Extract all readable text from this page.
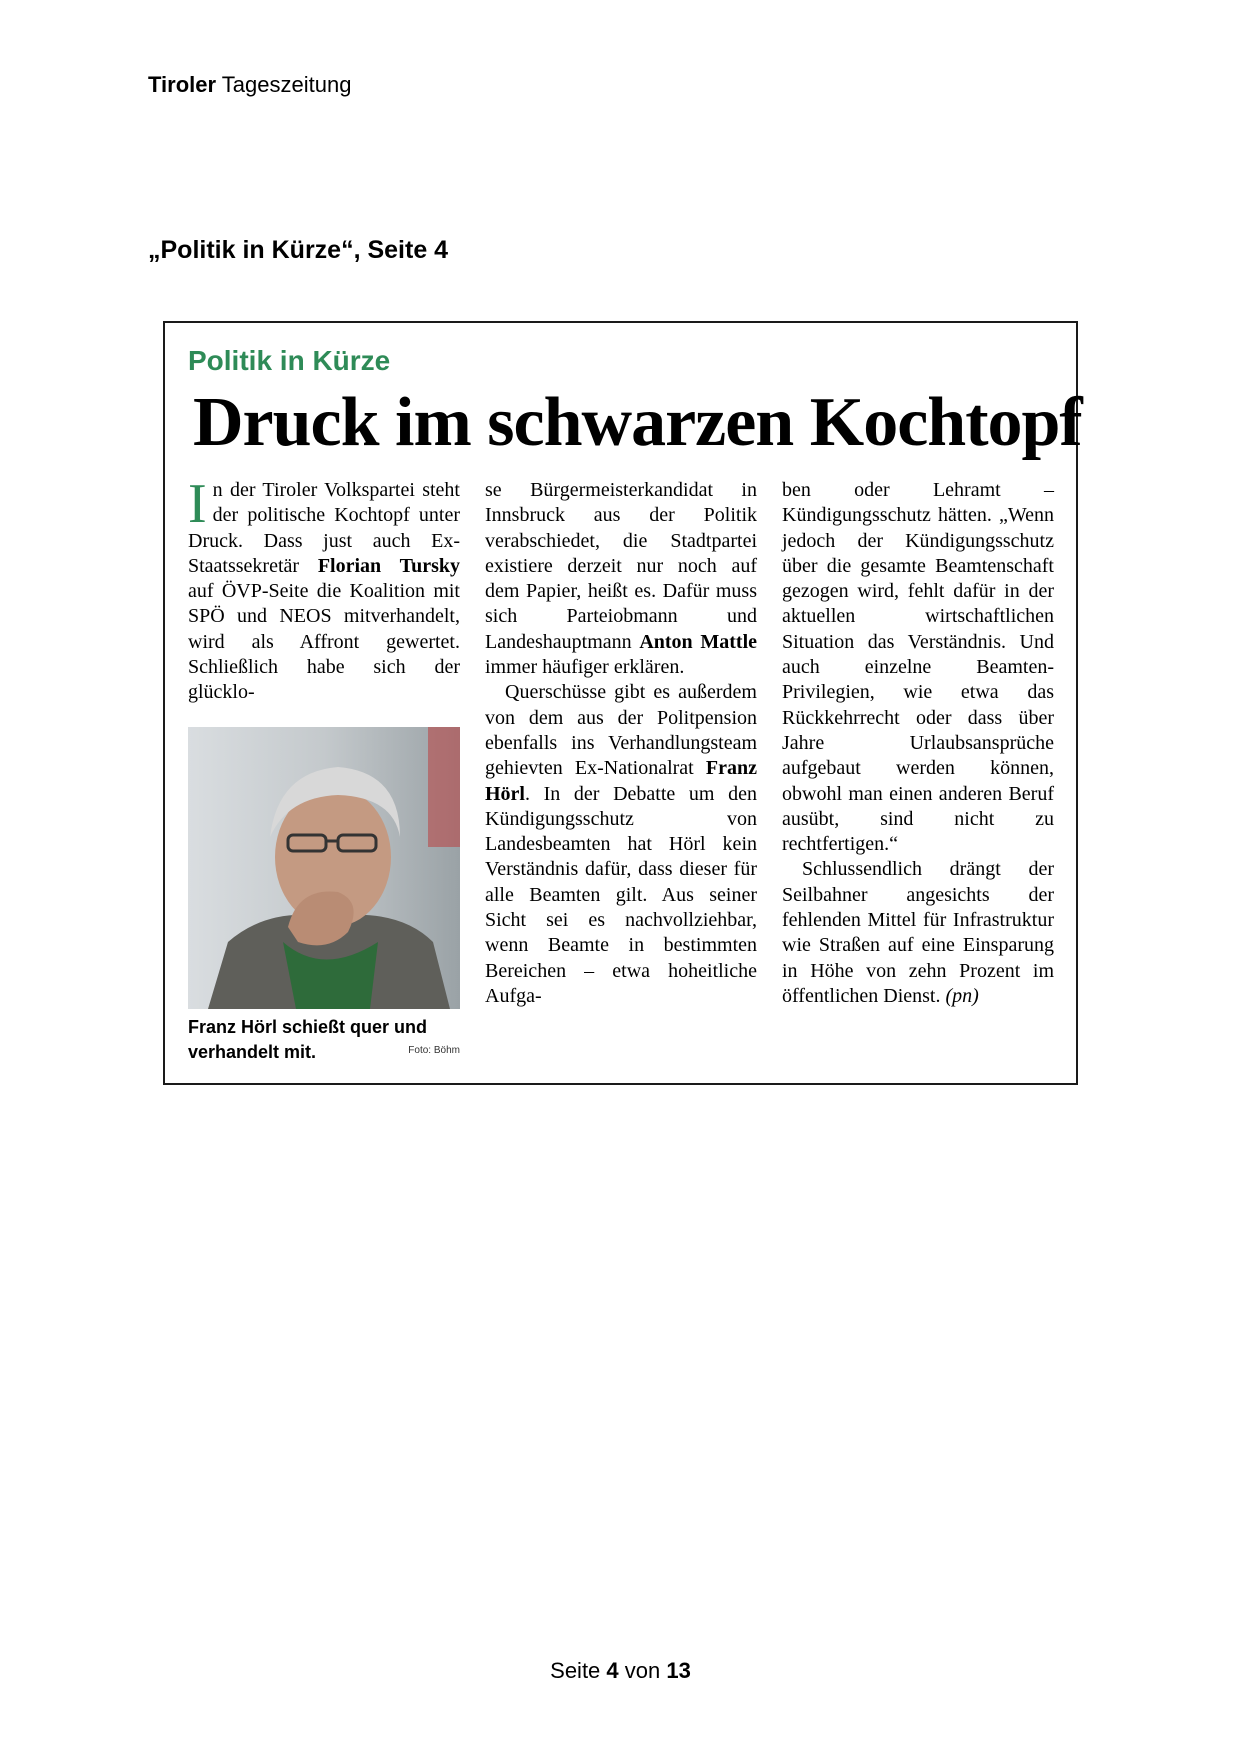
Tiroler Tageszeitung
„Politik in Kürze“, Seite 4
Politik in Kürze
Druck im schwarzen Kochtopf

In der Tiroler Volkspartei steht der politische Kochtopf unter Druck. Dass just auch Ex-Staatssekretär Florian Tursky auf ÖVP-Seite die Koalition mit SPÖ und NEOS mitverhandelt, wird als Affront gewertet. Schließlich habe sich der glücklo-

Franz Hörl schießt quer und verhandelt mit.	Foto: Böhm

se Bürgermeisterkandidat in Innsbruck aus der Politik verabschiedet, die Stadtpartei existiere derzeit nur noch auf dem Papier, heißt es. Dafür muss sich Parteiobmann und Landeshauptmann Anton Mattle immer häufiger erklären.

Querschüsse gibt es außerdem von dem aus der Politpension ebenfalls ins Verhandlungsteam gehievten Ex-Nationalrat Franz Hörl. In der Debatte um den Kündigungsschutz von Landesbeamten hat Hörl kein Verständnis dafür, dass dieser für alle Beamten gilt. Aus seiner Sicht sei es nachvollziehbar, wenn Beamte in bestimmten Bereichen – etwa hoheitliche Aufga-

ben oder Lehramt – Kündigungsschutz hätten. „Wenn jedoch der Kündigungsschutz über die gesamte Beamtenschaft gezogen wird, fehlt dafür in der aktuellen wirtschaftlichen Situation das Verständnis. Und auch einzelne Beamten-Privilegien, wie etwa das Rückkehrrecht oder dass über Jahre Urlaubsansprüche aufgebaut werden können, obwohl man einen anderen Beruf ausübt, sind nicht zu rechtfertigen.“

Schlussendlich drängt der Seilbahner angesichts der fehlenden Mittel für Infrastruktur wie Straßen auf eine Einsparung in Höhe von zehn Prozent im öffentlichen Dienst. (pn)

Seite 4 von 13
